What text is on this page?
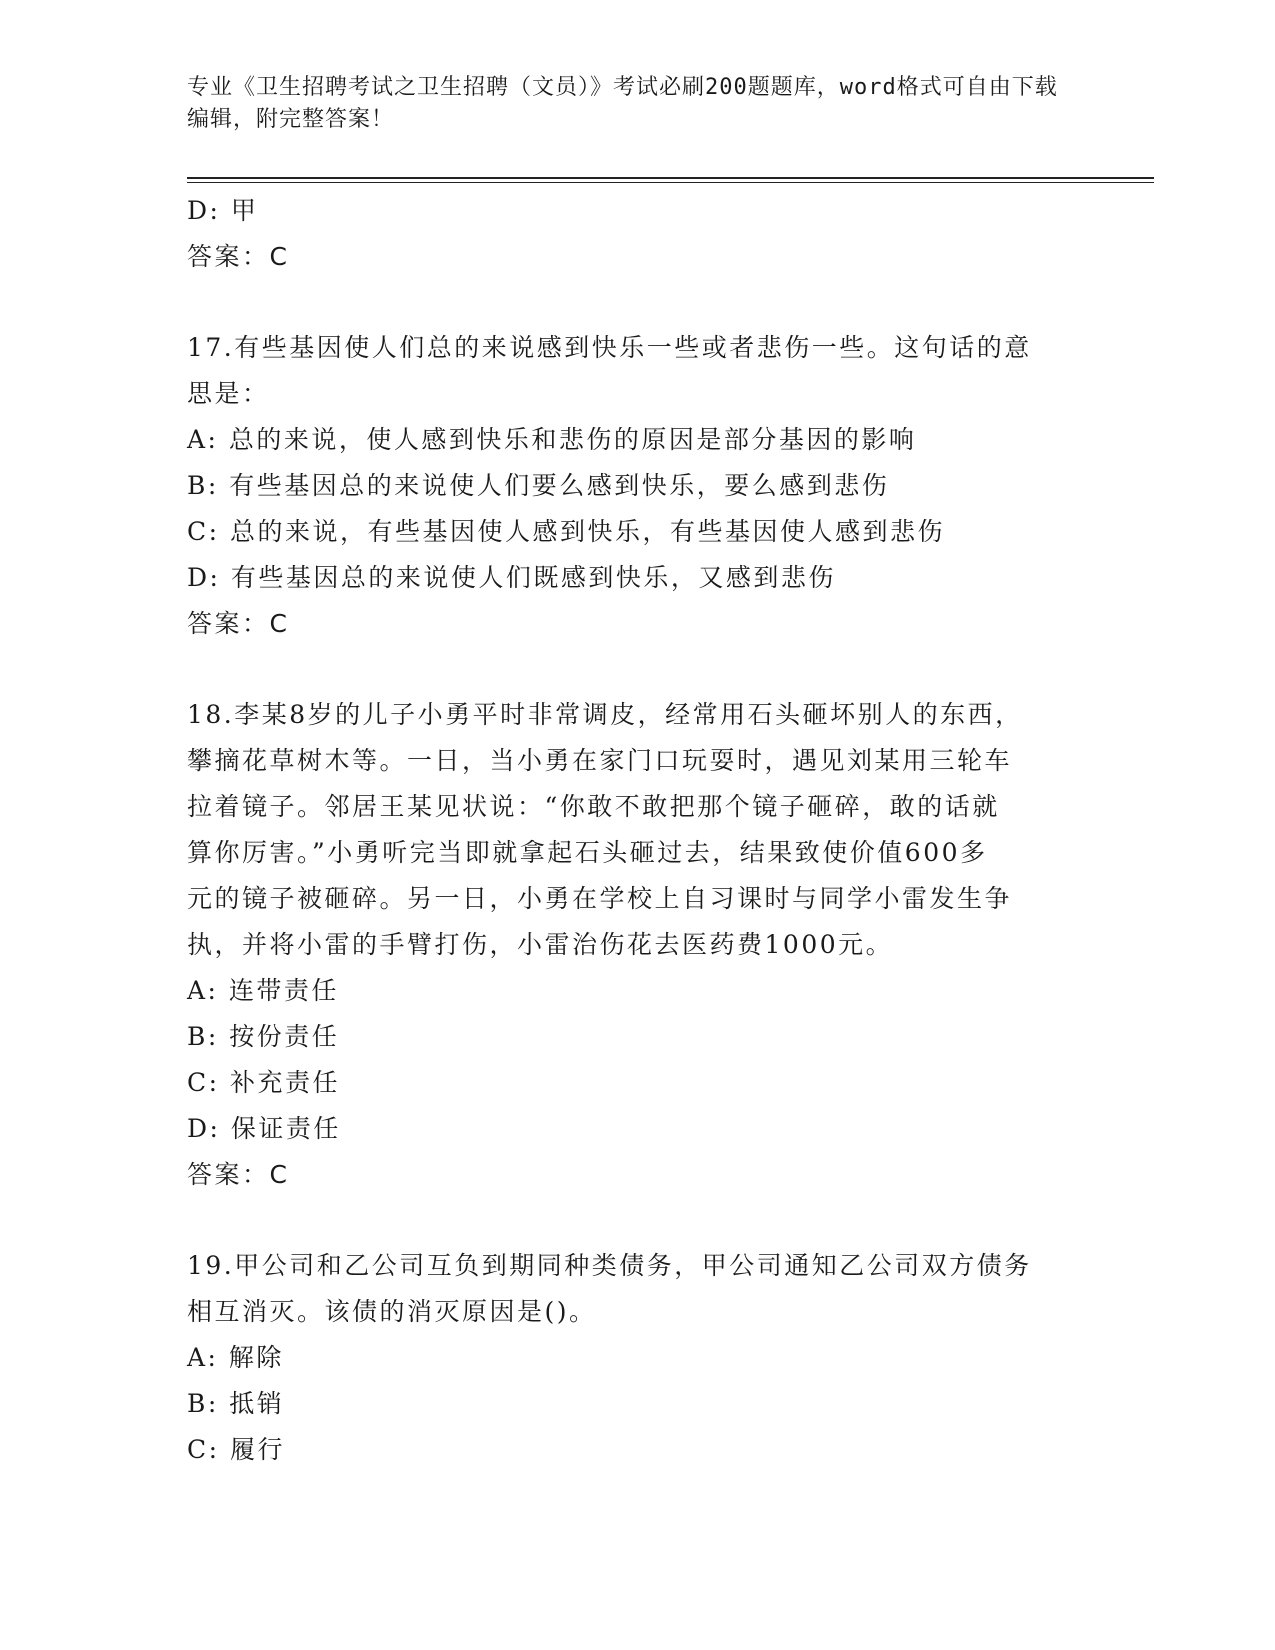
专业《卫生招聘考试之卫生招聘（文员）》考试必刷200题题库，word格式可自由下载编辑，附完整答案！
D: 甲
答案：C
17.有些基因使人们总的来说感到快乐一些或者悲伤一些。这句话的意
思是：
A: 总的来说，使人感到快乐和悲伤的原因是部分基因的影响
B: 有些基因总的来说使人们要么感到快乐，要么感到悲伤
C: 总的来说，有些基因使人感到快乐，有些基因使人感到悲伤
D: 有些基因总的来说使人们既感到快乐，又感到悲伤
答案：C
18.李某8岁的儿子小勇平时非常调皮，经常用石头砸坏别人的东西，
攀摘花草树木等。一日，当小勇在家门口玩耍时，遇见刘某用三轮车
拉着镜子。邻居王某见状说：“你敢不敢把那个镜子砸碎，敢的话就
算你厉害。”小勇听完当即就拿起石头砸过去，结果致使价值600多
元的镜子被砸碎。另一日，小勇在学校上自习课时与同学小雷发生争
执，并将小雷的手臂打伤，小雷治伤花去医药费1000元。
A: 连带责任
B: 按份责任
C: 补充责任
D: 保证责任
答案：C
19.甲公司和乙公司互负到期同种类债务，甲公司通知乙公司双方债务
相互消灭。该债的消灭原因是()。
A: 解除
B: 抵销
C: 履行
